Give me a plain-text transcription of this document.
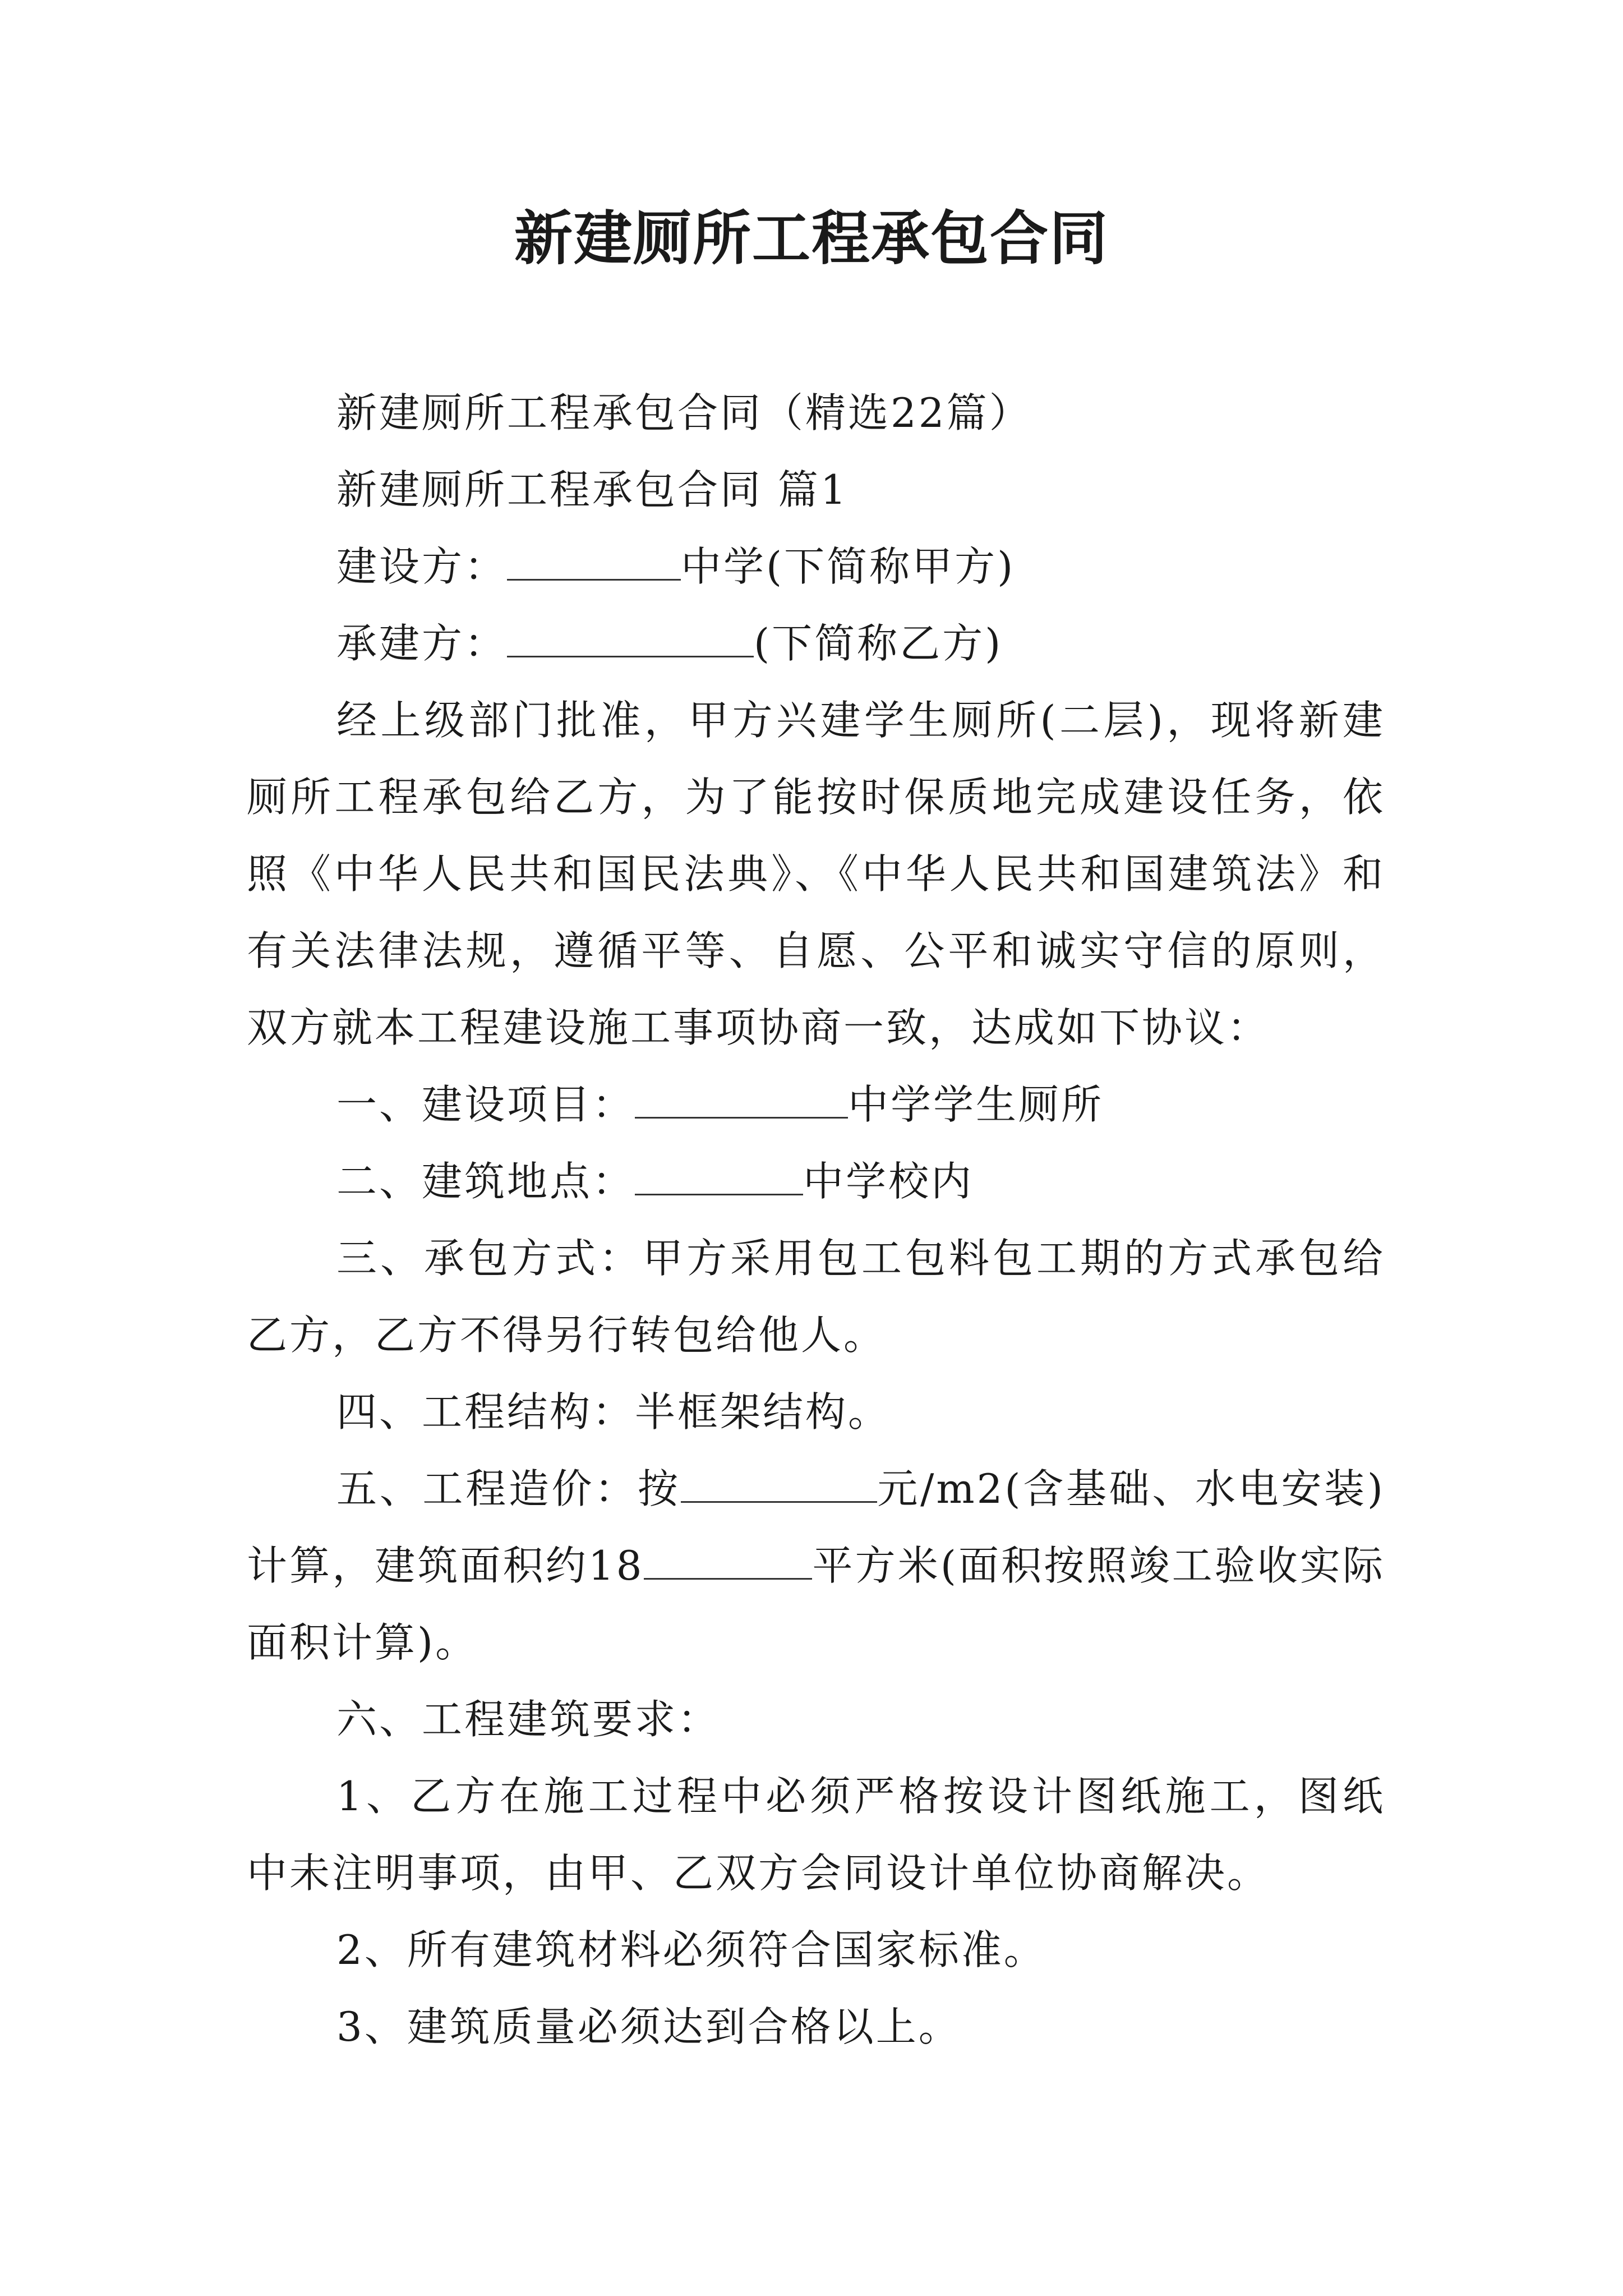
新建厕所工程承包合同

新建厕所工程承包合同（精选22篇）

新建厕所工程承包合同 篇1

建设方：	中学(下简称甲方)

承建方：	(下简称乙方)

经上级部门批准，甲方兴建学生厕所(二层)，现将新建厕所工程承包给乙方，为了能按时保质地完成建设任务，依照《中华人民共和国民法典》、《中华人民共和国建筑法》和有关法律法规，遵循平等、自愿、公平和诚实守信的原则，双方就本工程建设施工事项协商一致，达成如下协议：

一、建设项目：	中学学生厕所

二、建筑地点：	中学校内

三、承包方式：甲方采用包工包料包工期的方式承包给乙方，乙方不得另行转包给他人。

四、工程结构：半框架结构。

五、工程造价：按	元/m2(含基础、水电安装)计算，建筑面积约18	平方米(面积按照竣工验收实际面积计算)。

六、工程建筑要求：

1、乙方在施工过程中必须严格按设计图纸施工，图纸中未注明事项，由甲、乙双方会同设计单位协商解决。

2、所有建筑材料必须符合国家标准。

3、建筑质量必须达到合格以上。
